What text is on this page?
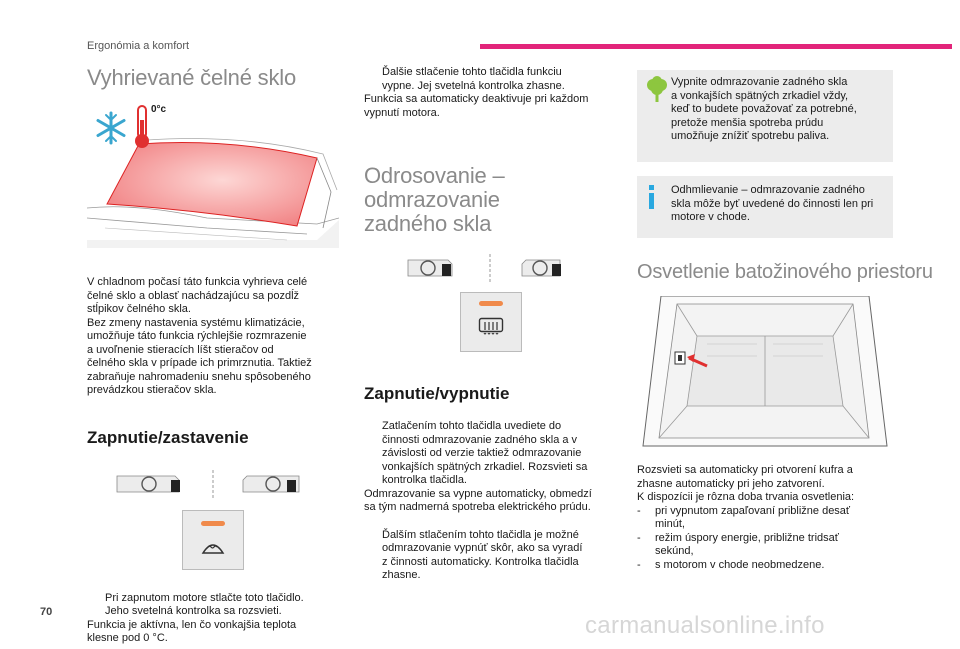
Ergonómia a komfort
Vyhrievané čelné sklo
0°c

V chladnom počasí táto funkcia vyhrieva celé

čelné sklo a oblasť nachádzajúcu sa pozdĺž

stĺpikov čelného skla.

Bez zmeny nastavenia systému klimatizácie,

umožňuje táto funkcia rýchlejšie rozmrazenie

a uvoľnenie stieracích líšt stieračov od

čelného skla v prípade ich primrznutia. Taktiež

zabraňuje nahromadeniu snehu spôsobeného

prevádzkou stieračov skla.

Zapnutie/zastavenie
Pri zapnutom motore stlačte toto tlačidlo.
Jeho svetelná kontrolka sa rozsvieti.

Funkcia je aktívna, len čo vonkajšia teplota

klesne pod 0 °C.

Ďalšie stlačenie tohto tlačidla funkciu
vypne. Jej svetelná kontrolka zhasne.

Funkcia sa automaticky deaktivuje pri každom

vypnutí motora.

Odrosovanie – odmrazovanie
zadného skla
Zapnutie/vypnutie
Zatlačením tohto tlačidla uvediete do
činnosti odmrazovanie zadného skla a v
závislosti od verzie taktiež odmrazovanie
vonkajších spätných zrkadiel. Rozsvieti sa
kontrolka tlačidla.

Odmrazovanie sa vypne automaticky, obmedzí

sa tým nadmerná spotreba elektrického prúdu.

Ďalším stlačením tohto tlačidla je možné
odmrazovanie vypnúť skôr, ako sa vyradí
z činnosti automaticky. Kontrolka tlačidla
zhasne.

Vypnite odmrazovanie zadného skla

a vonkajších spätných zrkadiel vždy,

keď to budete považovať za potrebné,

pretože menšia spotreba prúdu

umožňuje znížiť spotrebu paliva.

Odhmlievanie – odmrazovanie zadného

skla môže byť uvedené do činnosti len pri

motore v chode.

Osvetlenie batožinového priestoru

Rozsvieti sa automaticky pri otvorení kufra a

zhasne automaticky pri jeho zatvorení.

K dispozícii je rôzna doba trvania osvetlenia:

-	pri vypnutom zapaľovaní približne desať
minút,
-	režim úspory energie, približne tridsať
sekúnd,
-	s motorom v chode neobmedzene.
70	carmanualsonline.info
